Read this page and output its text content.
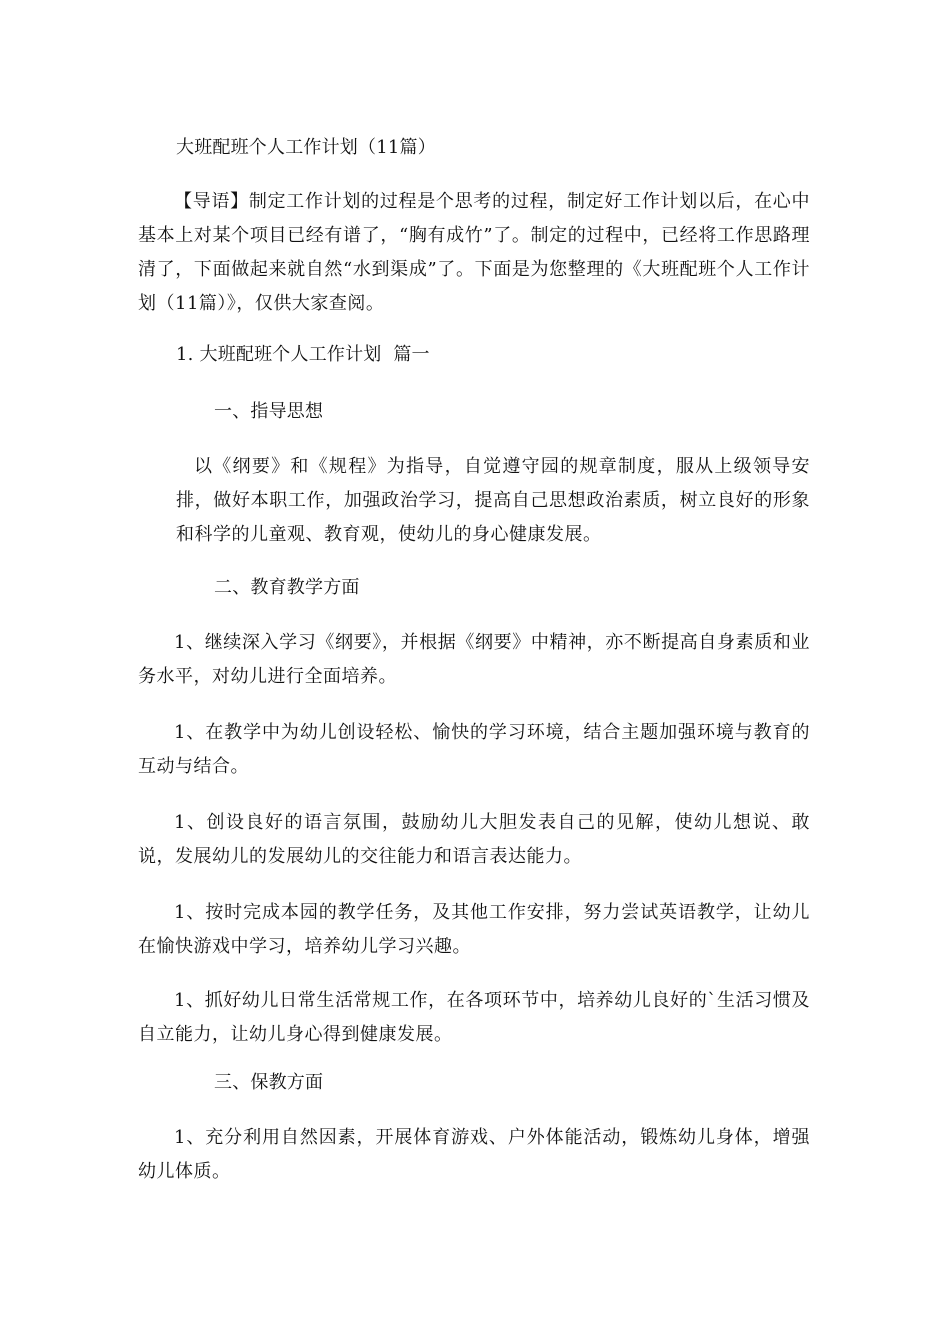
大班配班个人工作计划（11篇）
【导语】制定工作计划的过程是个思考的过程，制定好工作计划以后，在心中基本上对某个项目已经有谱了，“胸有成竹”了。制定的过程中，已经将工作思路理清了，下面做起来就自然“水到渠成”了。下面是为您整理的《大班配班个人工作计划（11篇）》，仅供大家查阅。
1. 大班配班个人工作计划  篇一
一、指导思想
以《纲要》和《规程》为指导，自觉遵守园的规章制度，服从上级领导安排，做好本职工作，加强政治学习，提高自己思想政治素质，树立良好的形象和科学的儿童观、教育观，使幼儿的身心健康发展。
二、教育教学方面
1、继续深入学习《纲要》，并根据《纲要》中精神，亦不断提高自身素质和业务水平，对幼儿进行全面培养。
1、在教学中为幼儿创设轻松、愉快的学习环境，结合主题加强环境与教育的互动与结合。
1、创设良好的语言氛围，鼓励幼儿大胆发表自己的见解，使幼儿想说、敢说，发展幼儿的发展幼儿的交往能力和语言表达能力。
1、按时完成本园的教学任务，及其他工作安排，努力尝试英语教学，让幼儿在愉快游戏中学习，培养幼儿学习兴趣。
1、抓好幼儿日常生活常规工作，在各项环节中，培养幼儿良好的`生活习惯及自立能力，让幼儿身心得到健康发展。
三、保教方面
1、充分利用自然因素，开展体育游戏、户外体能活动，锻炼幼儿身体，增强幼儿体质。
